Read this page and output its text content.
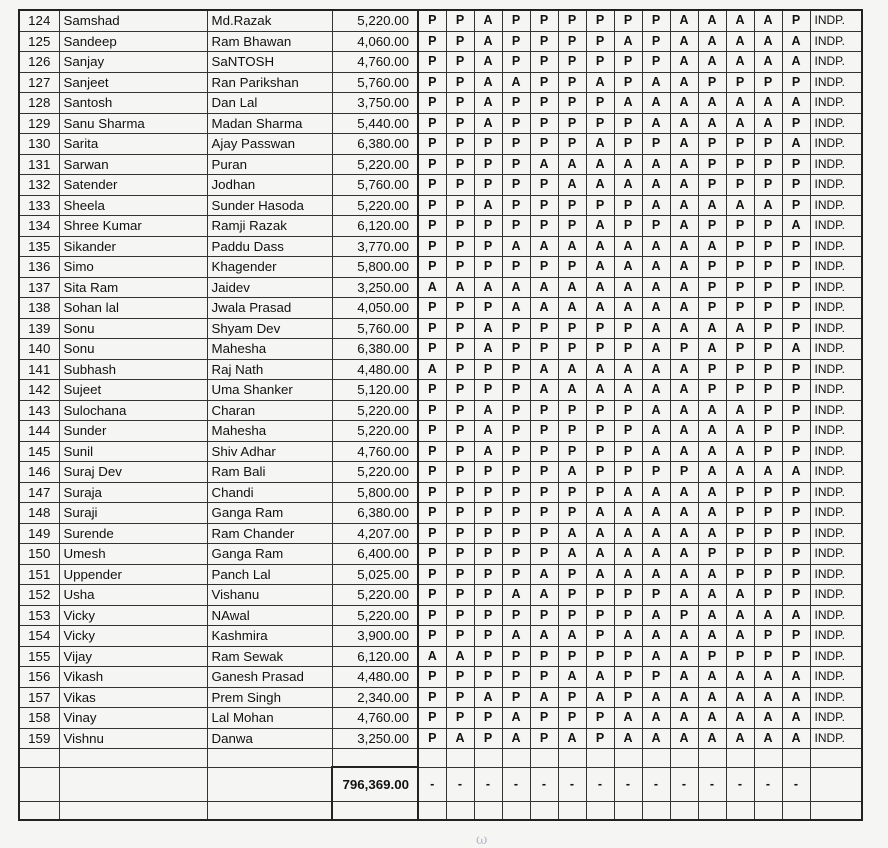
124	Samshad	Md.Razak	5,220.00	P	P	A	P	P	P	P	P	P	A	A	A	A	P	INDP.
125	Sandeep	Ram Bhawan	4,060.00	P	P	A	P	P	P	P	A	P	A	A	A	A	A	INDP.
126	Sanjay	SaNTOSH	4,760.00	P	P	A	P	P	P	P	P	P	A	A	A	A	A	INDP.
127	Sanjeet	Ran Parikshan	5,760.00	P	P	A	A	P	P	A	P	A	A	P	P	P	P	INDP.
128	Santosh	Dan Lal	3,750.00	P	P	A	P	P	P	P	A	A	A	A	A	A	A	INDP.
129	Sanu Sharma	Madan Sharma	5,440.00	P	P	A	P	P	P	P	P	A	A	A	A	A	P	INDP.
130	Sarita	Ajay Passwan	6,380.00	P	P	P	P	P	P	A	P	P	A	P	P	P	A	INDP.
131	Sarwan	Puran	5,220.00	P	P	P	P	A	A	A	A	A	A	P	P	P	P	INDP.
132	Satender	Jodhan	5,760.00	P	P	P	P	P	A	A	A	A	A	P	P	P	P	INDP.
133	Sheela	Sunder Hasoda	5,220.00	P	P	A	P	P	P	P	P	A	A	A	A	A	P	INDP.
134	Shree Kumar	Ramji Razak	6,120.00	P	P	P	P	P	P	A	P	P	A	P	P	P	A	INDP.
135	Sikander	Paddu Dass	3,770.00	P	P	P	A	A	A	A	A	A	A	A	P	P	P	INDP.
136	Simo	Khagender	5,800.00	P	P	P	P	P	P	A	A	A	A	P	P	P	P	INDP.
137	Sita Ram	Jaidev	3,250.00	A	A	A	A	A	A	A	A	A	A	P	P	P	P	INDP.
138	Sohan lal	Jwala Prasad	4,050.00	P	P	P	A	A	A	A	A	A	A	P	P	P	P	INDP.
139	Sonu	Shyam Dev	5,760.00	P	P	A	P	P	P	P	P	A	A	A	A	P	P	INDP.
140	Sonu	Mahesha	6,380.00	P	P	A	P	P	P	P	P	A	P	A	P	P	A	INDP.
141	Subhash	Raj Nath	4,480.00	A	P	P	P	A	A	A	A	A	A	P	P	P	P	INDP.
142	Sujeet	Uma Shanker	5,120.00	P	P	P	P	A	A	A	A	A	A	P	P	P	P	INDP.
143	Sulochana	Charan	5,220.00	P	P	A	P	P	P	P	P	A	A	A	A	P	P	INDP.
144	Sunder	Mahesha	5,220.00	P	P	A	P	P	P	P	P	A	A	A	A	P	P	INDP.
145	Sunil	Shiv Adhar	4,760.00	P	P	A	P	P	P	P	P	A	A	A	A	P	P	INDP.
146	Suraj Dev	Ram Bali	5,220.00	P	P	P	P	P	A	P	P	P	P	A	A	A	A	INDP.
147	Suraja	Chandi	5,800.00	P	P	P	P	P	P	P	A	A	A	A	P	P	P	INDP.
148	Suraji	Ganga Ram	6,380.00	P	P	P	P	P	P	A	A	A	A	A	P	P	P	INDP.
149	Surende	Ram Chander	4,207.00	P	P	P	P	P	A	A	A	A	A	A	P	P	P	INDP.
150	Umesh	Ganga Ram	6,400.00	P	P	P	P	P	A	A	A	A	A	P	P	P	P	INDP.
151	Uppender	Panch Lal	5,025.00	P	P	P	P	A	P	A	A	A	A	A	P	P	P	INDP.
152	Usha	Vishanu	5,220.00	P	P	P	A	A	P	P	P	P	A	A	A	P	P	INDP.
153	Vicky	NAwal	5,220.00	P	P	P	P	P	P	P	P	A	P	A	A	A	A	INDP.
154	Vicky	Kashmira	3,900.00	P	P	P	A	A	A	P	A	A	A	A	A	P	P	INDP.
155	Vijay	Ram Sewak	6,120.00	A	A	P	P	P	P	P	P	A	A	P	P	P	P	INDP.
156	Vikash	Ganesh Prasad	4,480.00	P	P	P	P	P	A	A	P	P	A	A	A	A	A	INDP.
157	Vikas	Prem Singh	2,340.00	P	P	A	P	A	P	A	P	A	A	A	A	A	A	INDP.
158	Vinay	Lal Mohan	4,760.00	P	P	P	A	P	P	P	A	A	A	A	A	A	A	INDP.
159	Vishnu	Danwa	3,250.00	P	A	P	A	P	A	P	A	A	A	A	A	A	A	INDP.

			796,369.00	-	-	-	-	-	-	-	-	-	-	-	-	-	-	

ω
